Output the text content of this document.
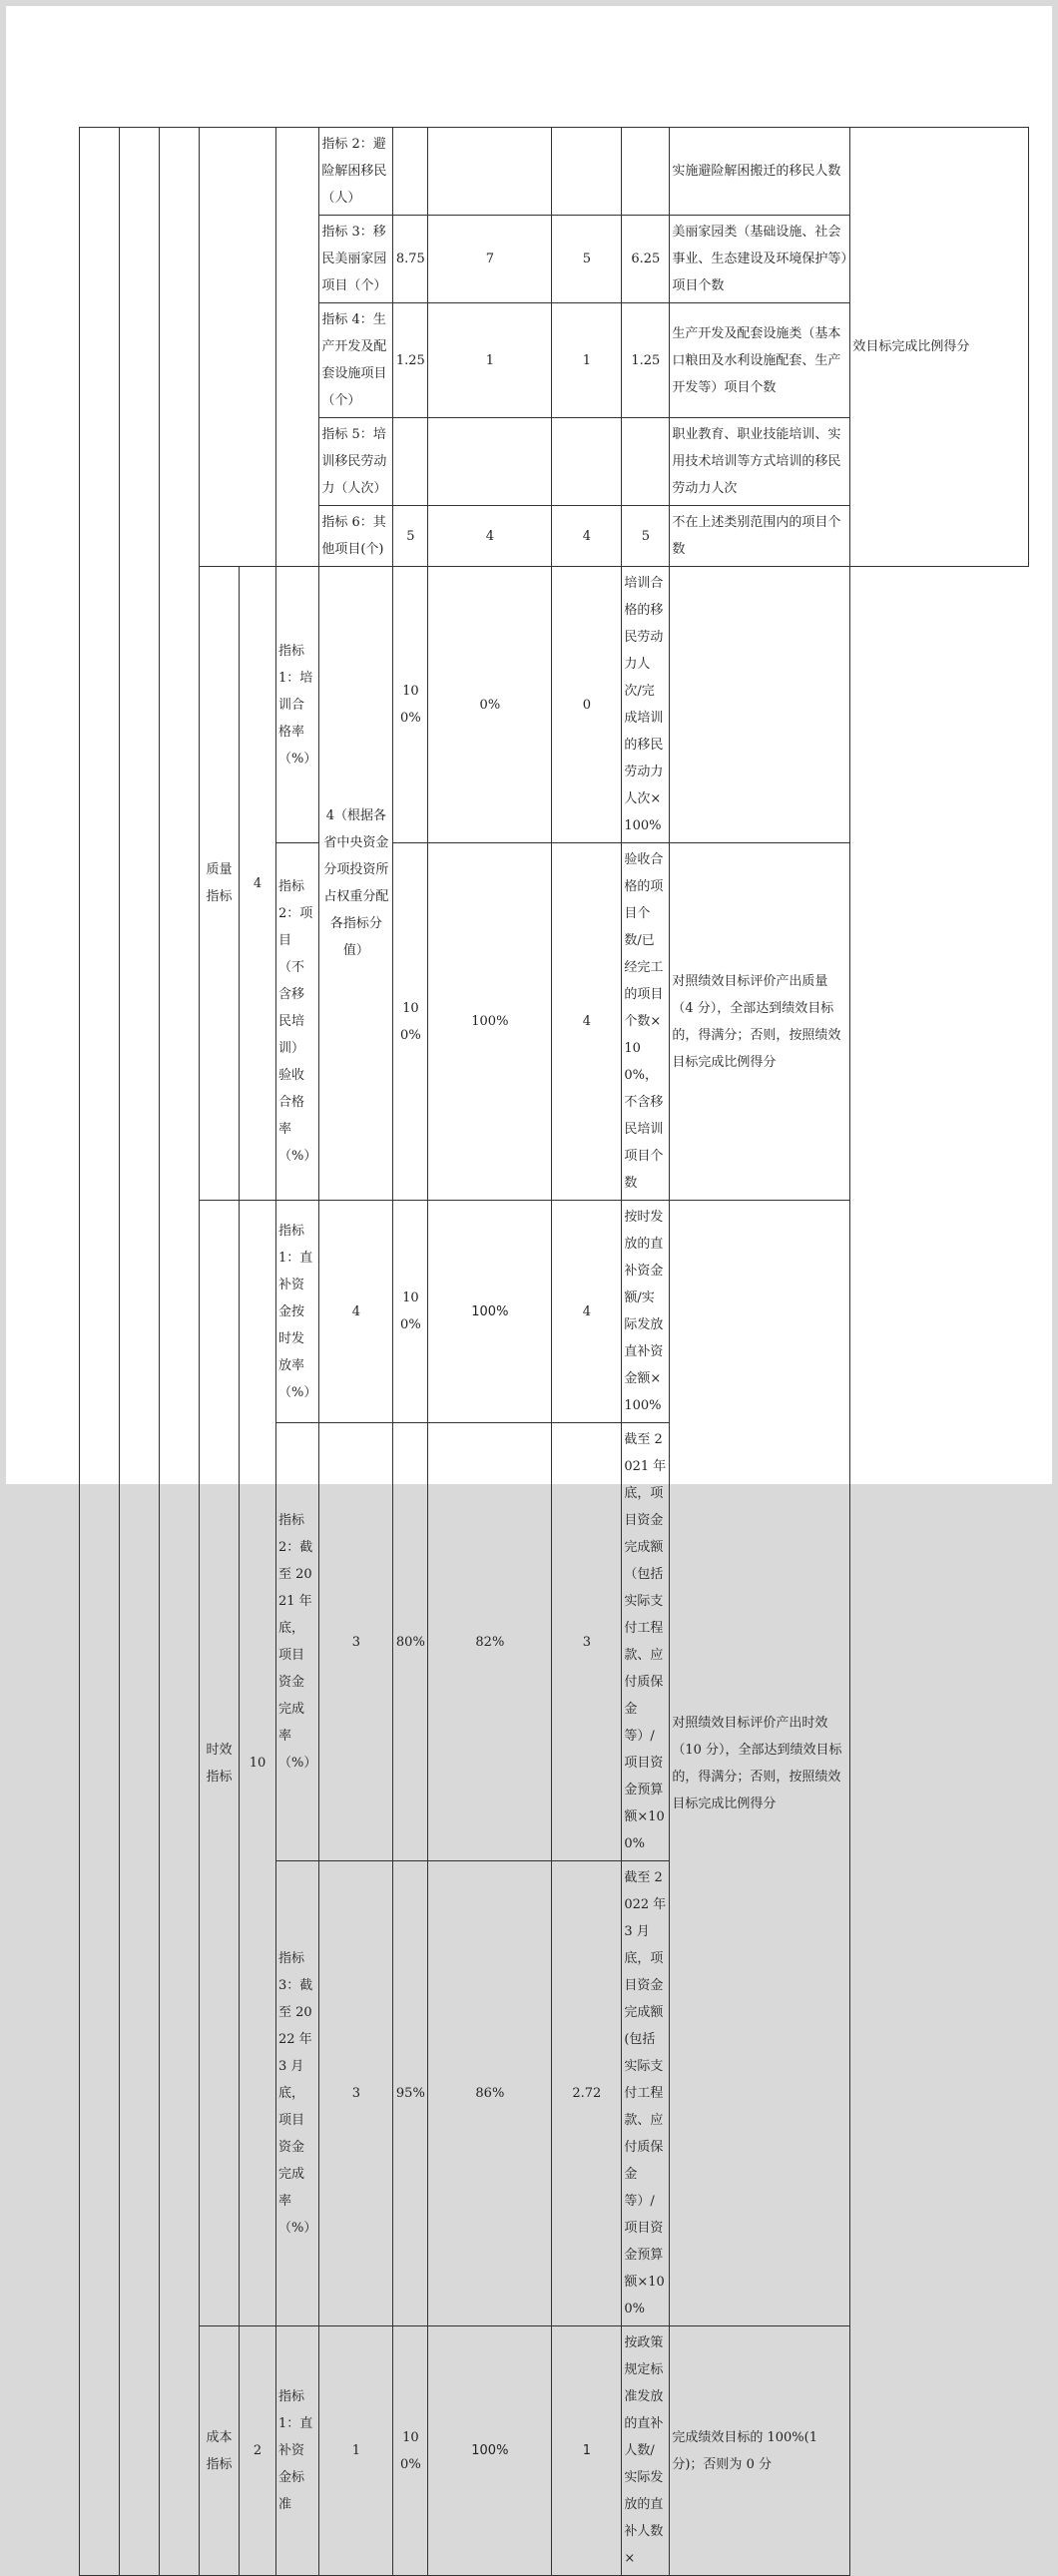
						指标 2：避险解困移民（人）					实施避险解困搬迁的移民人数	效目标完成比例得分
						指标 3：移民美丽家园项目（个）	8.75	7	5	6.25	美丽家园类（基础设施、社会事业、生态建设及环境保护等）项目个数	
						指标 4：生产开发及配套设施项目（个）	1.25	1	1	1.25	生产开发及配套设施类（基本口粮田及水利设施配套、生产开发等）项目个数	
						指标 5：培训移民劳动力（人次）					职业教育、职业技能培训、实用技术培训等方式培训的移民劳动力人次	
						指标 6：其他项目(个)	5	4	4	5	不在上述类别范围内的项目个数	
			质量指标	4	指标 1：培训合格率（%）	4（根据各省中央资金分项投资所占权重分配各指标分值）	100%	0%	0	培训合格的移民劳动力人次/完成培训的移民劳动力人次×100%		
					指标 2：项目（不含移民培训）验收合格率（%）		100%	100%	4	验收合格的项目个数/已经完工的项目个数×100%，不含移民培训项目个数	对照绩效目标评价产出质量（4 分），全部达到绩效目标的，得满分；否则，按照绩效目标完成比例得分	
			时效指标	10	指标 1：直补资金按时发放率（%）	4	100%	100%	4	按时发放的直补资金额/实际发放直补资金额×100%	对照绩效目标评价产出时效（10 分），全部达到绩效目标的，得满分；否则，按照绩效目标完成比例得分	
					指标 2：截至 2021 年底，项目资金完成率（%）	3	80%	82%	3	截至 2021 年底，项目资金完成额（包括实际支付工程款、应付质保金等）/项目资金预算额×100%		
					指标 3：截至 2022 年 3 月底，项目资金完成率（%）	3	95%	86%	2.72	截至 2022 年 3 月底，项目资金完成额(包括实际支付工程款、应付质保金等）/项目资金预算额×100%		
			成本指标	2	指标 1：直补资金标准	1	100%	100%	1	按政策规定标准发放的直补人数/实际发放的直补人数×	完成绩效目标的 100%(1 分)；否则为 0 分	
